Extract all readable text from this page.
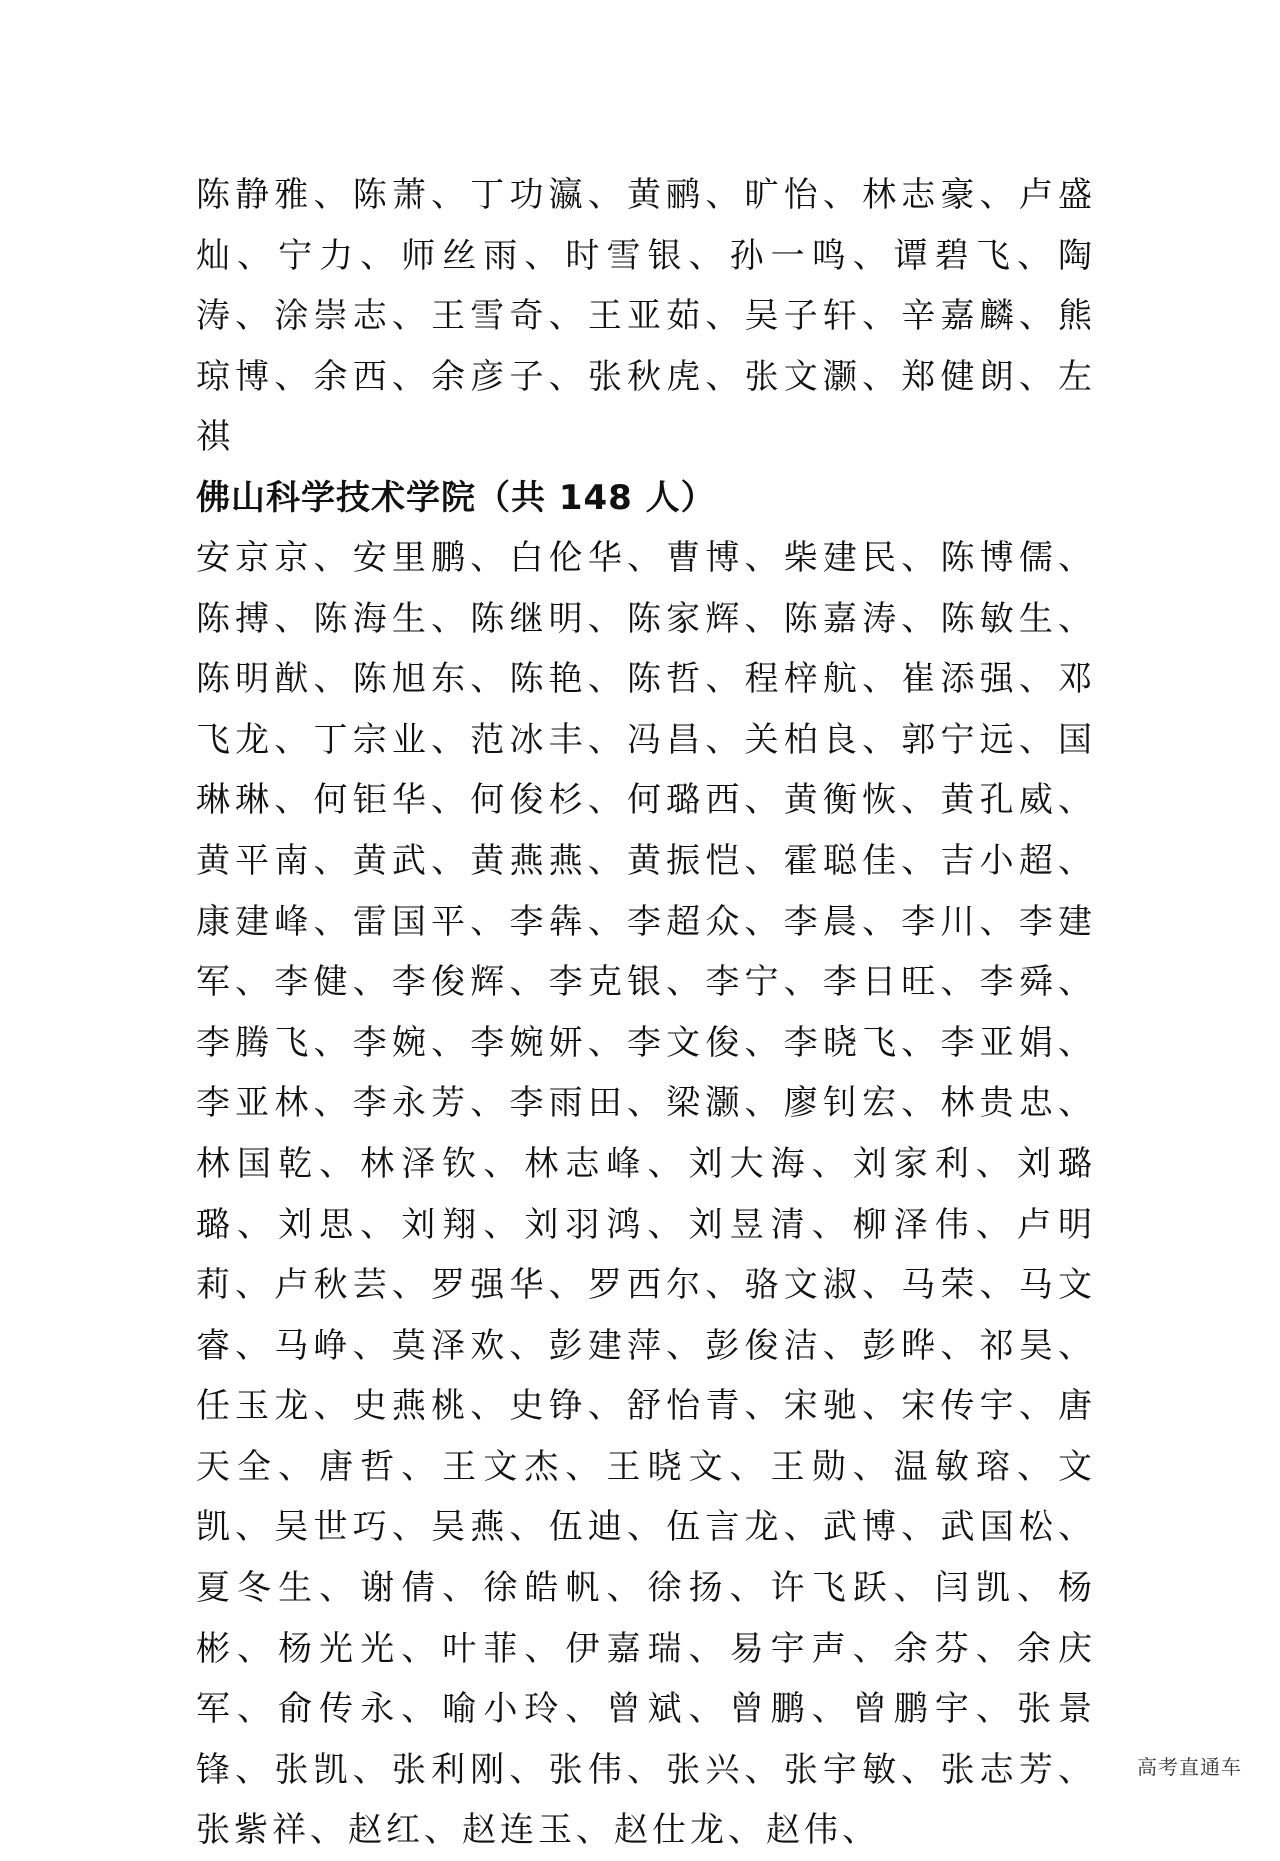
陈静雅、陈萧、丁功瀛、黄鹂、旷怡、林志豪、卢盛灿、宁力、师丝雨、时雪银、孙一鸣、谭碧飞、陶涛、涂崇志、王雪奇、王亚茹、吴子轩、辛嘉麟、熊琼博、余西、余彦子、张秋虎、张文灏、郑健朗、左祺

佛山科学技术学院（共 148 人）

安京京、安里鹏、白伦华、曹博、柴建民、陈博儒、陈搏、陈海生、陈继明、陈家辉、陈嘉涛、陈敏生、陈明猷、陈旭东、陈艳、陈哲、程梓航、崔添强、邓飞龙、丁宗业、范冰丰、冯昌、关柏良、郭宁远、国琳琳、何钜华、何俊杉、何璐西、黄衡恢、黄孔威、黄平南、黄武、黄燕燕、黄振恺、霍聪佳、吉小超、康建峰、雷国平、李犇、李超众、李晨、李川、李建军、李健、李俊辉、李克银、李宁、李日旺、李舜、李腾飞、李婉、李婉妍、李文俊、李晓飞、李亚娟、李亚林、李永芳、李雨田、梁灏、廖钊宏、林贵忠、林国乾、林泽钦、林志峰、刘大海、刘家利、刘璐璐、刘思、刘翔、刘羽鸿、刘昱清、柳泽伟、卢明莉、卢秋芸、罗强华、罗西尔、骆文淑、马荣、马文睿、马峥、莫泽欢、彭建萍、彭俊洁、彭晔、祁昊、任玉龙、史燕桃、史铮、舒怡青、宋驰、宋传宇、唐天全、唐哲、王文杰、王晓文、王勋、温敏瑢、文凯、吴世巧、吴燕、伍迪、伍言龙、武博、武国松、夏冬生、谢倩、徐皓帆、徐扬、许飞跃、闫凯、杨彬、杨光光、叶菲、伊嘉瑞、易宇声、余芬、余庆军、俞传永、喻小玲、曾斌、曾鹏、曾鹏宇、张景锋、张凯、张利刚、张伟、张兴、张宇敏、张志芳、张紫祥、赵红、赵连玉、赵仕龙、赵伟、

高考直通车
